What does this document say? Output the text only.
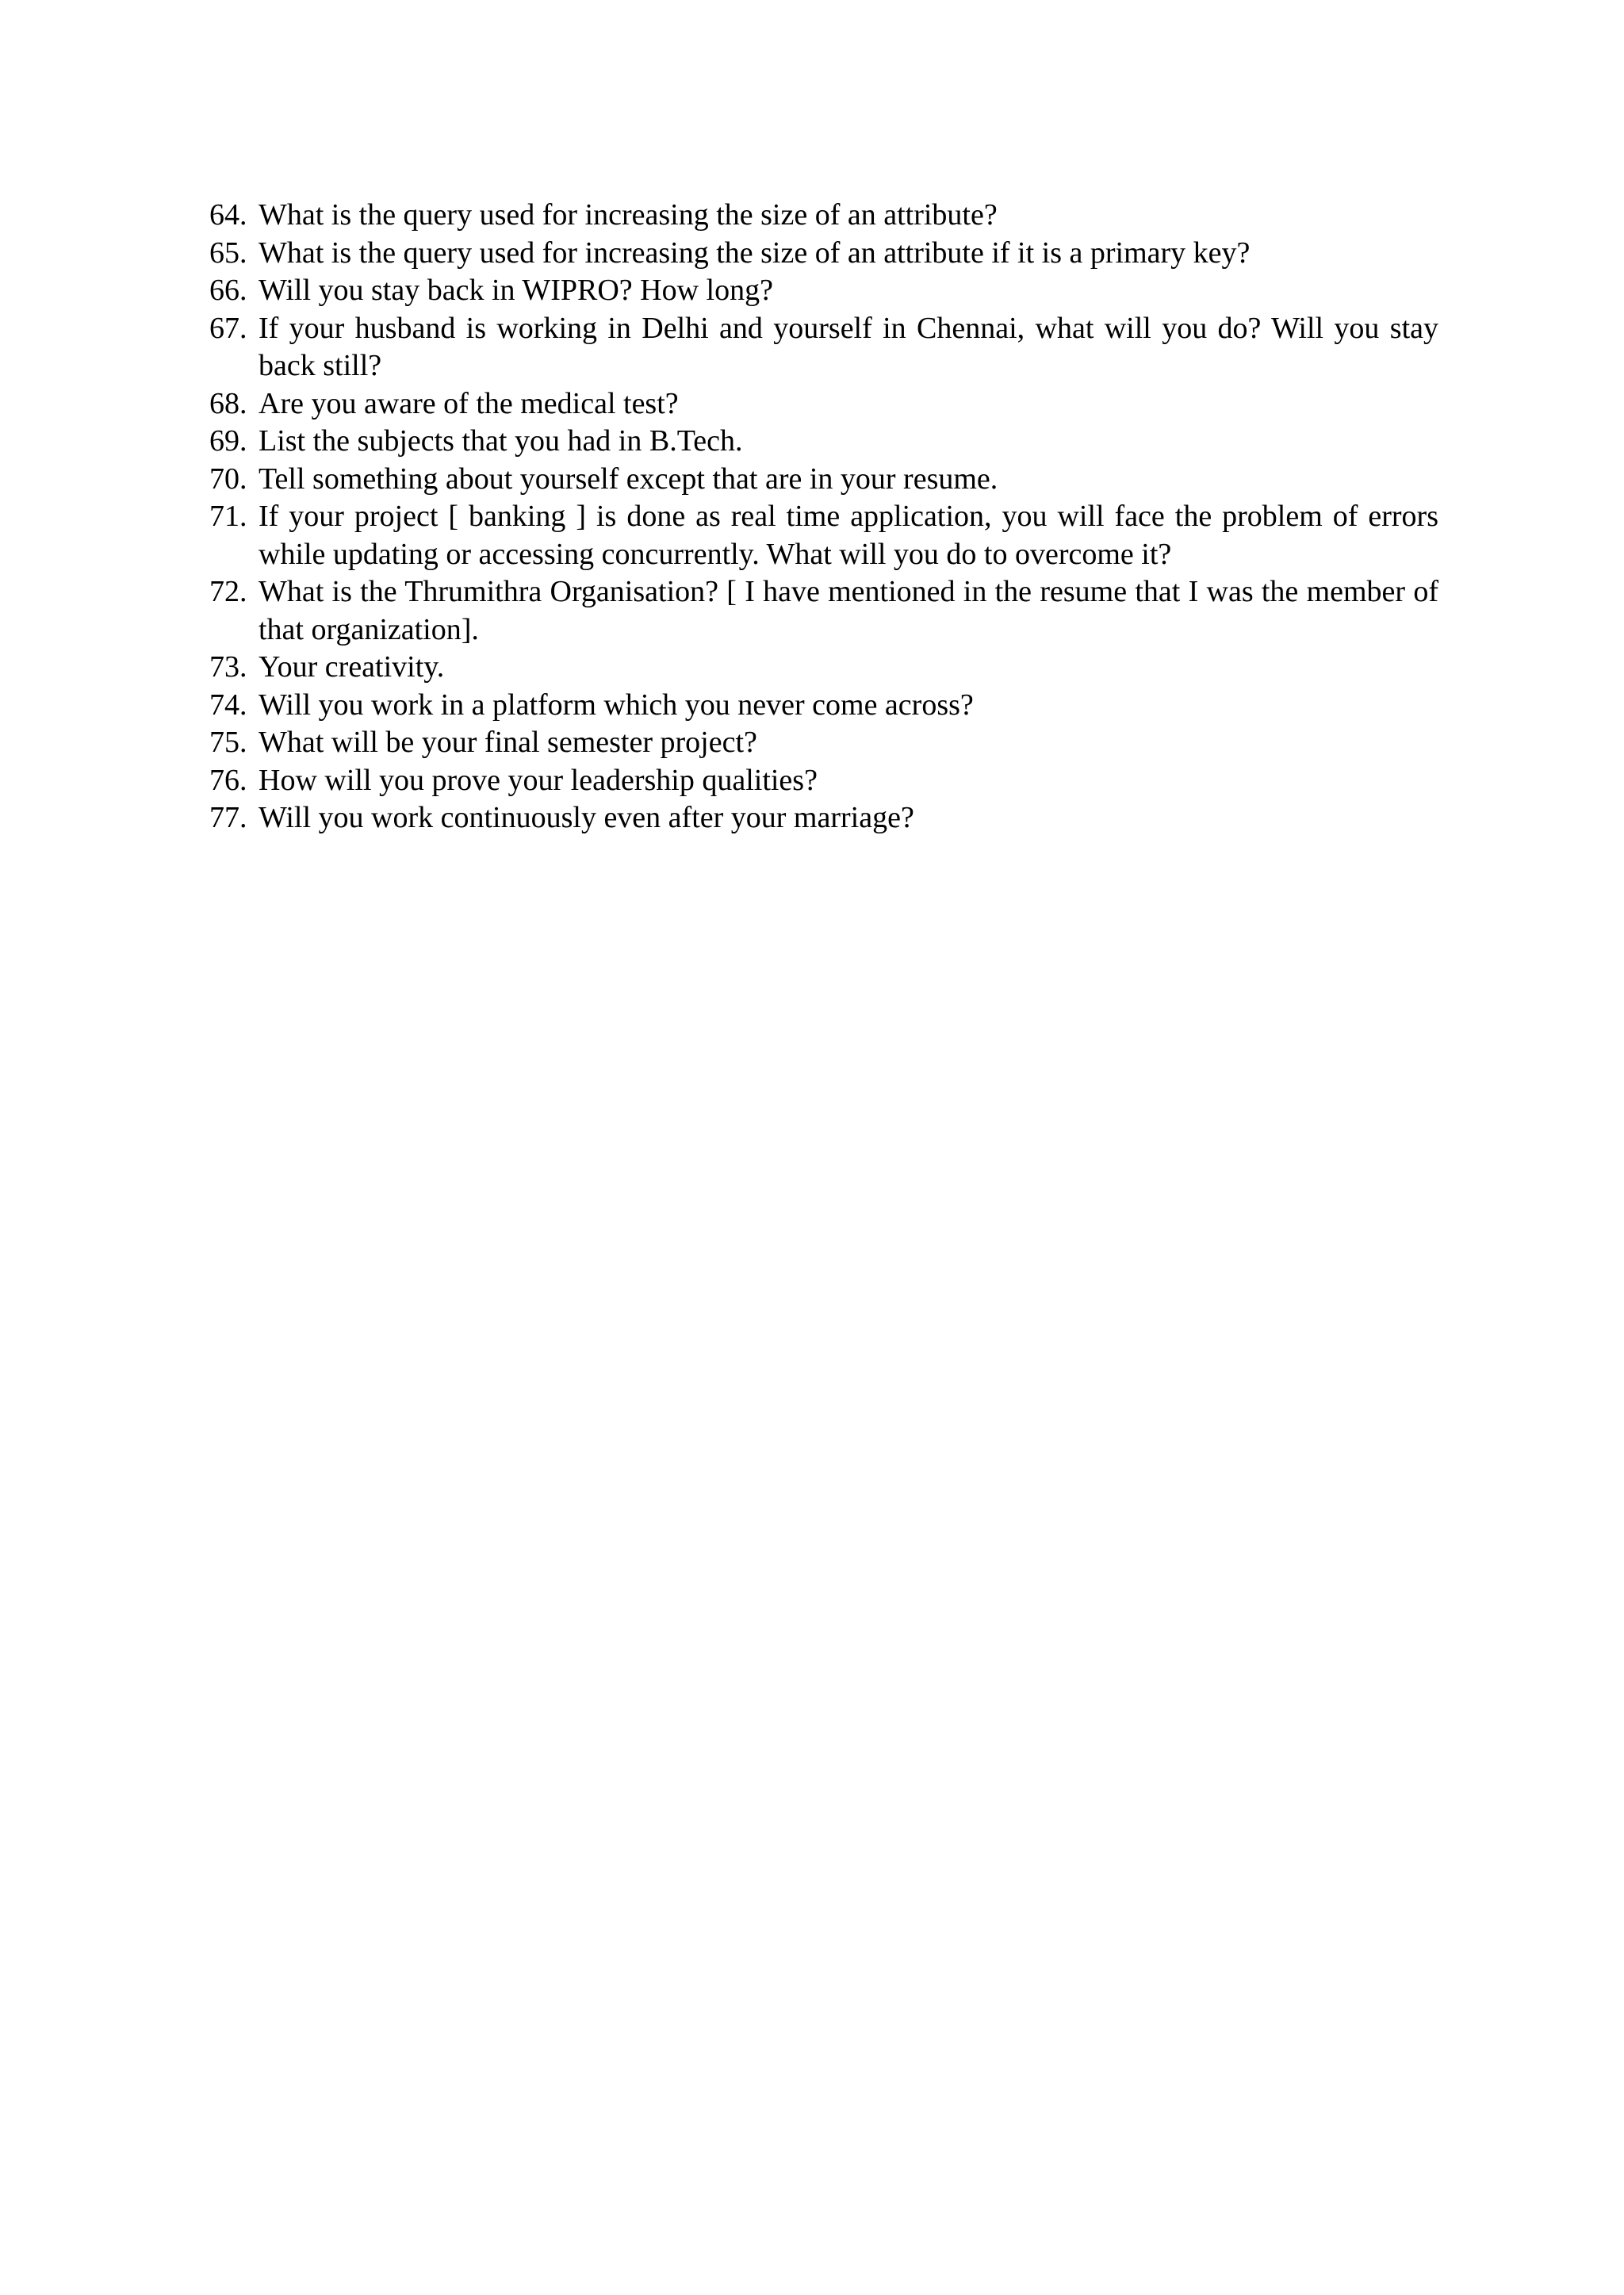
64. What is the query used for increasing the size of an attribute?
65. What is the query used for increasing the size of an attribute if it is a primary key?
66. Will you stay back in WIPRO? How long?
67. If your husband is working in Delhi and yourself in Chennai, what will you do? Will you stay back still?
68. Are you aware of the medical test?
69. List the subjects that you had in B.Tech.
70. Tell something about yourself except that are in your resume.
71. If your project [ banking ] is done as real time application, you will face the problem of errors while updating or accessing concurrently. What will you do to overcome it?
72. What is the Thrumithra Organisation? [ I have mentioned in the resume that I was the member of that organization].
73. Your creativity.
74. Will you work in a platform which you never come across?
75. What will be your final semester project?
76. How will you prove your leadership qualities?
77. Will you work continuously even after your marriage?
